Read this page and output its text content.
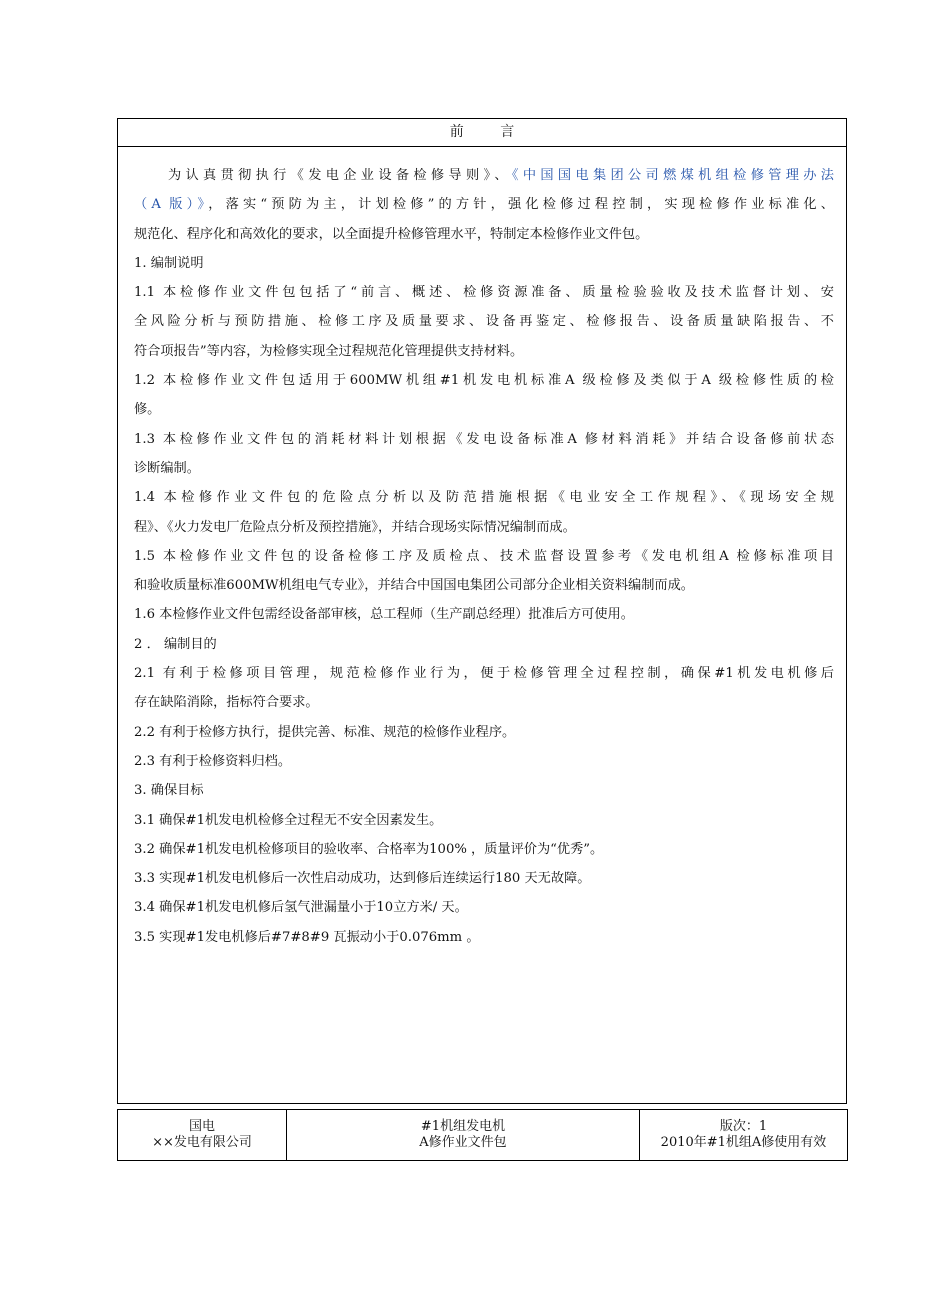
前 言
为认真贯彻执行《发电企业设备检修导则》、《中国国电集团公司燃煤机组检修管理办法
（A 版）》，落实“预防为主，计划检修”的方针，强化检修过程控制，实现检修作业标准化、
规范化、程序化和高效化的要求，以全面提升检修管理水平，特制定本检修作业文件包。
1. 编制说明
1.1 本检修作业文件包包括了“前言、概述、检修资源准备、质量检验验收及技术监督计划、安
全风险分析与预防措施、检修工序及质量要求、设备再鉴定、检修报告、设备质量缺陷报告、不
符合项报告”等内容，为检修实现全过程规范化管理提供支持材料。
1.2 本检修作业文件包适用于600MW机组#1机发电机标准A 级检修及类似于A 级检修性质的检
修。
1.3 本检修作业文件包的消耗材料计划根据《发电设备标准A 修材料消耗》并结合设备修前状态
诊断编制。
1.4 本检修作业文件包的危险点分析以及防范措施根据《电业安全工作规程》、《现场安全规
程》、《火力发电厂危险点分析及预控措施》，并结合现场实际情况编制而成。
1.5 本检修作业文件包的设备检修工序及质检点、技术监督设置参考《发电机组A 检修标准项目
和验收质量标准600MW机组电气专业》，并结合中国国电集团公司部分企业相关资料编制而成。
1.6 本检修作业文件包需经设备部审核，总工程师（生产副总经理）批准后方可使用。
2 ． 编制目的
2.1 有利于检修项目管理，规范检修作业行为，便于检修管理全过程控制，确保#1机发电机修后
存在缺陷消除，指标符合要求。
2.2 有利于检修方执行，提供完善、标准、规范的检修作业程序。
2.3 有利于检修资料归档。
3. 确保目标
3.1 确保#1机发电机检修全过程无不安全因素发生。
3.2 确保#1机发电机检修项目的验收率、合格率为100% ，质量评价为“优秀”。
3.3 实现#1机发电机修后一次性启动成功，达到修后连续运行180 天无故障。
3.4 确保#1机发电机修后氢气泄漏量小于10立方米/ 天。
3.5 实现#1发电机修后#7#8#9 瓦振动小于0.076mm 。
国电
××发电有限公司
#1机组发电机
A修作业文件包
版次：1
2010年#1机组A修使用有效
